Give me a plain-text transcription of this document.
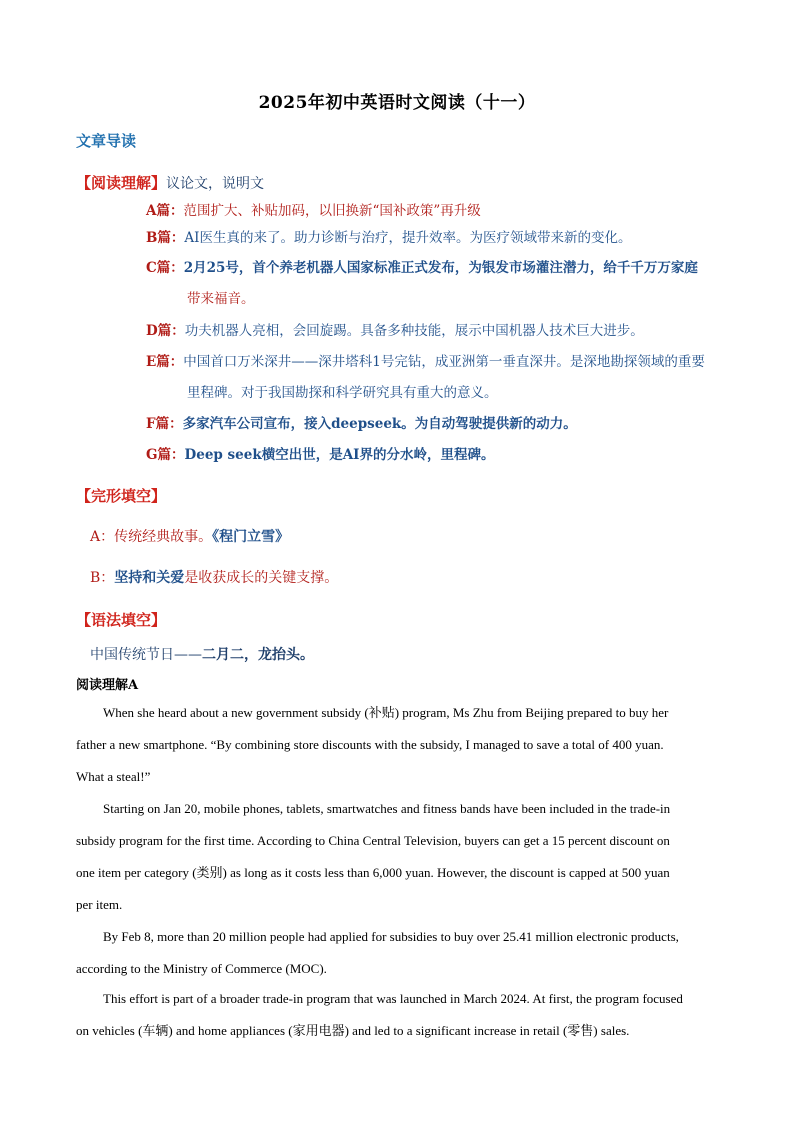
2025年初中英语时文阅读（十一）
文章导读
【阅读理解】议论文，说明文
A篇：范围扩大、补贴加码，以旧换新“国补政策”再升级
B篇：AI医生真的来了。助力诊断与治疗，提升效率。为医疗领域带来新的变化。
C篇：2月25号，首个养老机器人国家标准正式发布，为银发市场灌注潜力，给千千万万家庭
带来福音。
D篇：功夫机器人亮相，会回旋踢。具备多种技能，展示中国机器人技术巨大进步。
E篇：中国首口万米深井——深井塔科1号完钻，成亚洲第一垂直深井。是深地勘探领域的重要
里程碑。对于我国勘探和科学研究具有重大的意义。
F篇：多家汽车公司宣布，接入deepseek。为自动驾驶提供新的动力。
G篇：Deep seek横空出世，是AI界的分水岭，里程碑。
【完形填空】
A：传统经典故事。《程门立雪》
B：坚持和关爱是收获成长的关键支撑。
【语法填空】
中国传统节日——二月二，龙抬头。
阅读理解A
When she heard about a new government subsidy (补贴) program, Ms Zhu from Beijing prepared to buy her
father a new smartphone. “By combining store discounts with the subsidy, I managed to save a total of 400 yuan.
What a steal!”
Starting on Jan 20, mobile phones, tablets, smartwatches and fitness bands have been included in the trade-in
subsidy program for the first time. According to China Central Television, buyers can get a 15 percent discount on
one item per category (类别) as long as it costs less than 6,000 yuan. However, the discount is capped at 500 yuan
per item.
By Feb 8, more than 20 million people had applied for subsidies to buy over 25.41 million electronic products,
according to the Ministry of Commerce (MOC).
This effort is part of a broader trade-in program that was launched in March 2024. At first, the program focused
on vehicles (车辆) and home appliances (家用电器) and led to a significant increase in retail (零售) sales.
